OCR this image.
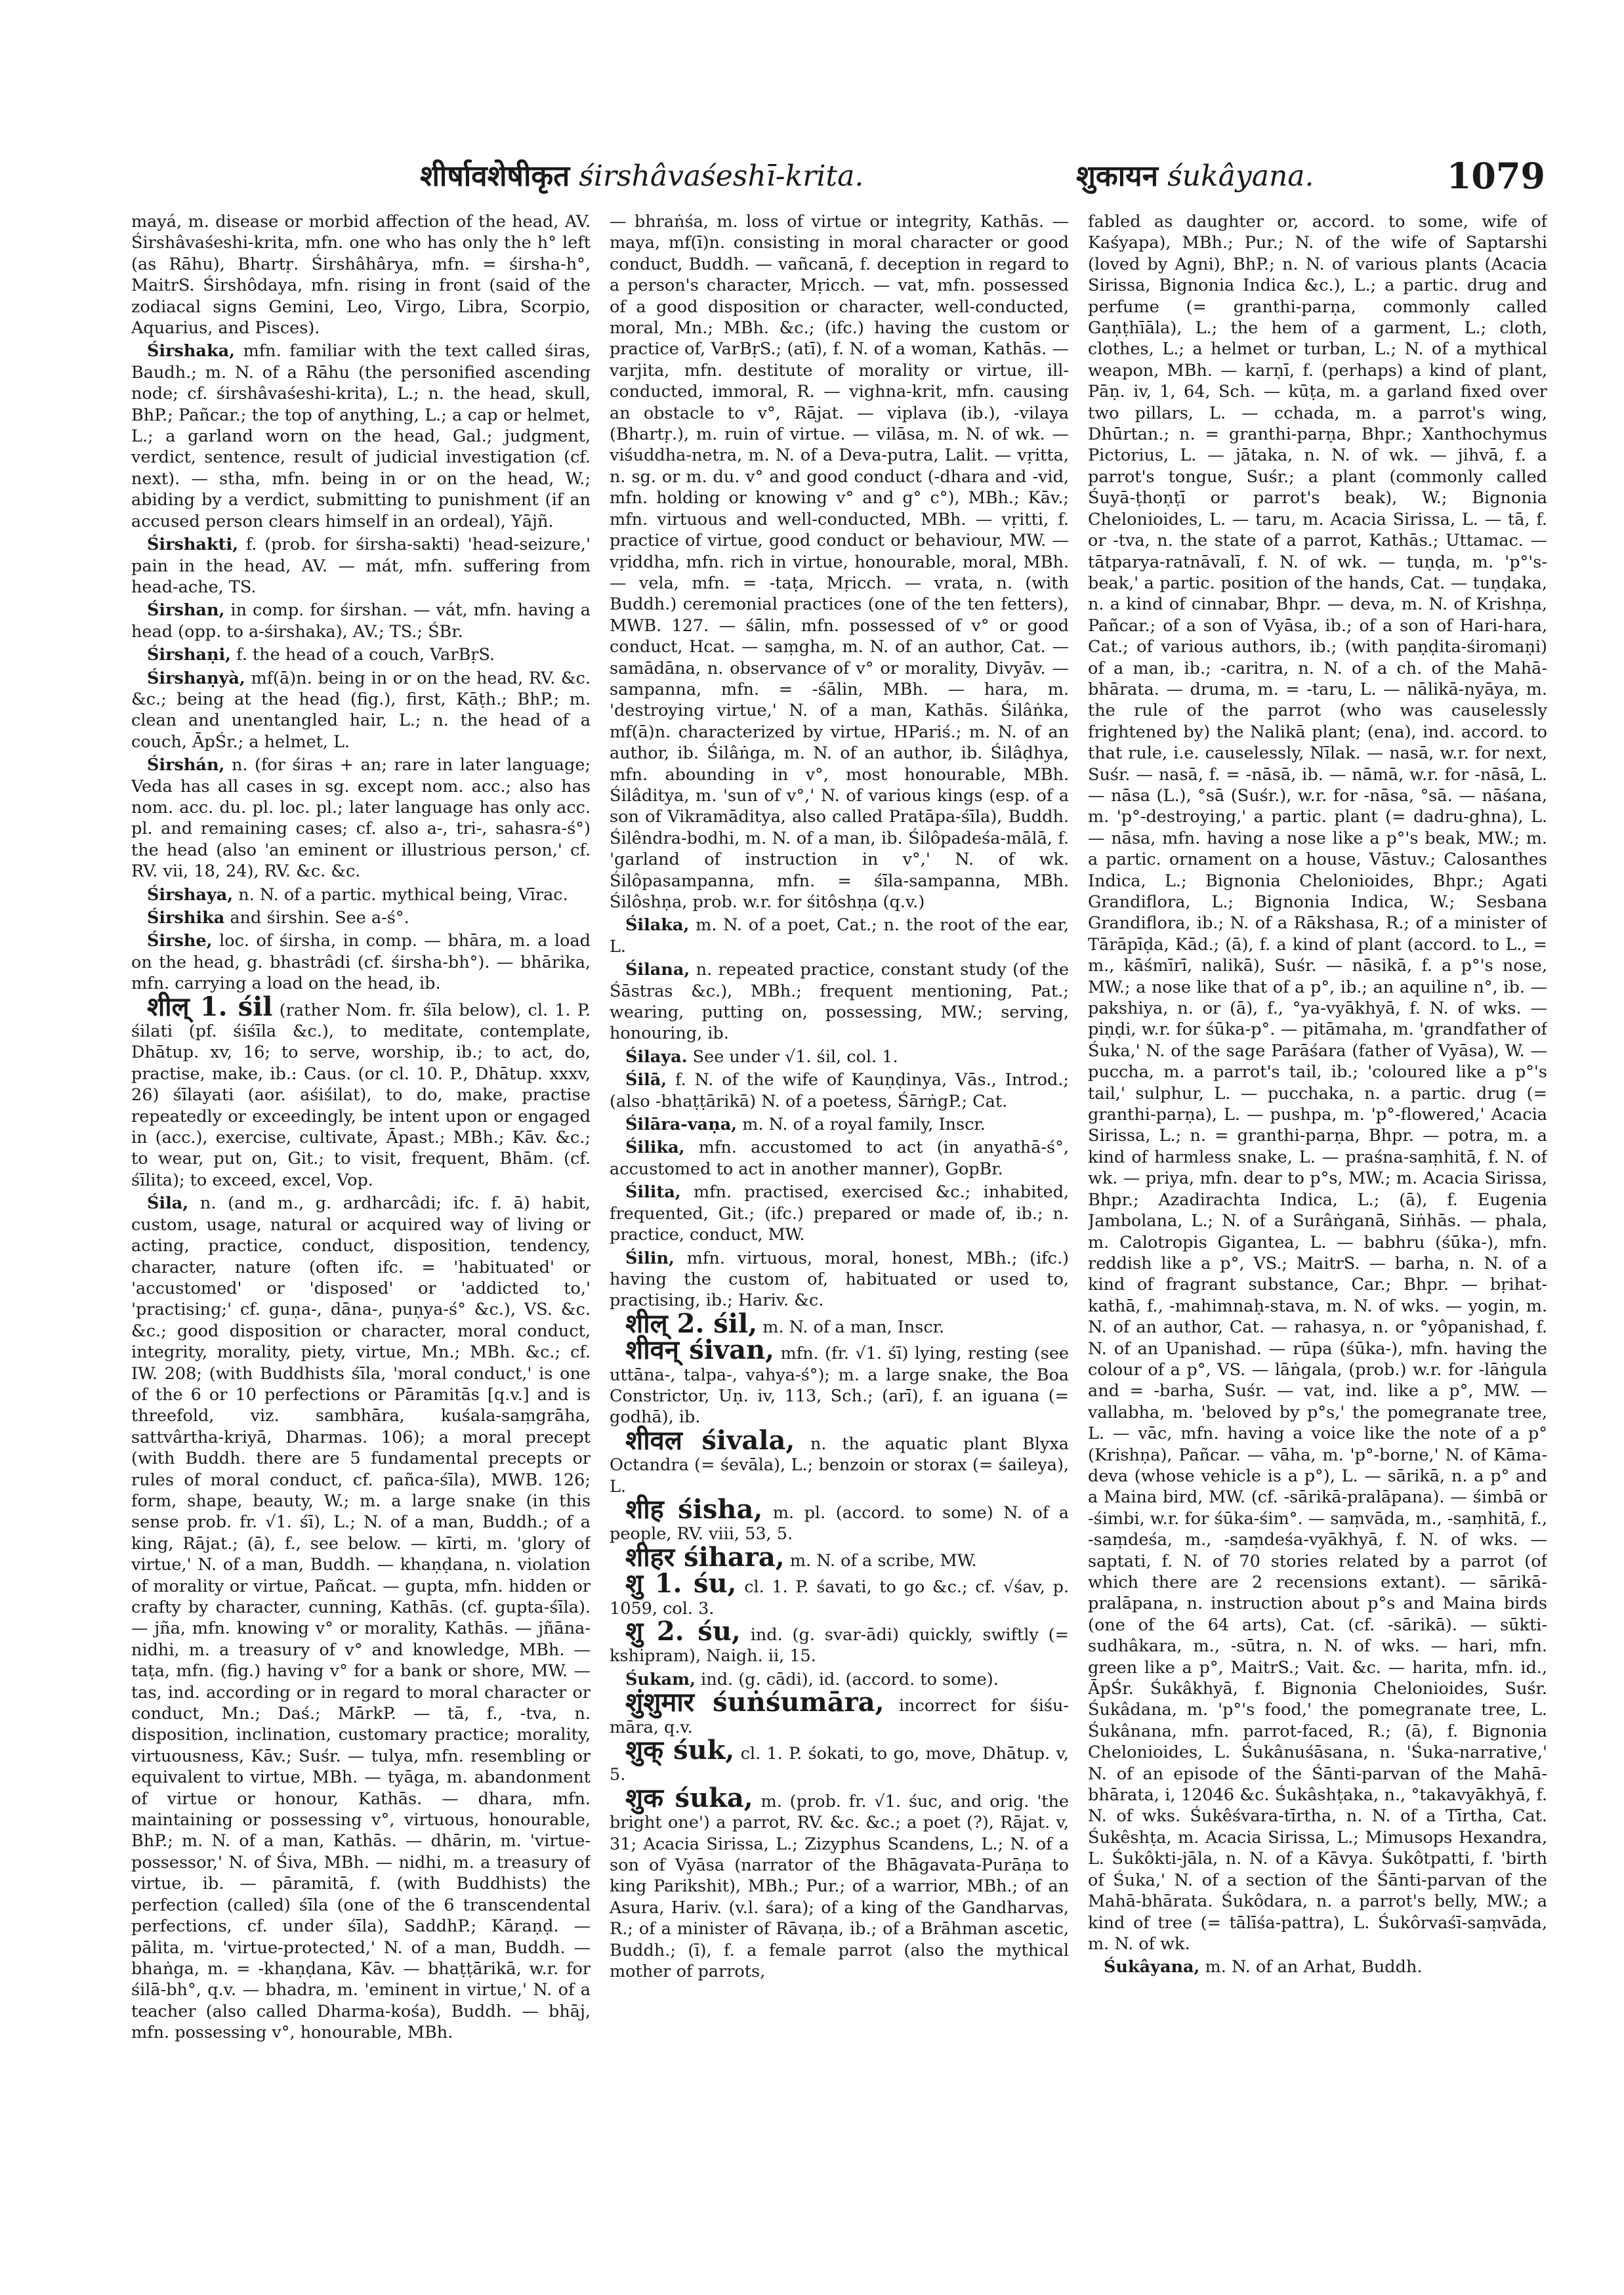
शीर्षावशेषीकृत śirshâvaśeshī-krita.	शुकायन śukâyana.	1079

mayá, m. disease or morbid affection of the head, AV. Śirshâvaśeshi-krita, mfn. one who has only the h° left (as Rāhu), Bhartṛ. Śirshâhârya, mfn. = śirsha-h°, MaitrS. Śirshôdaya, mfn. rising in front (said of the zodiacal signs Gemini, Leo, Virgo, Libra, Scorpio, Aquarius, and Pisces).

Śirshaka, mfn. familiar with the text called śiras, Baudh.; m. N. of a Rāhu (the personified ascending node; cf. śirshâvaśeshi-krita), L.; n. the head, skull, BhP.; Pañcar.; the top of anything, L.; a cap or helmet, L.; a garland worn on the head, Gal.; judgment, verdict, sentence, result of judicial investigation (cf. next). — stha, mfn. being in or on the head, W.; abiding by a verdict, submitting to punishment (if an accused person clears himself in an ordeal), Yājñ.

Śirshakti, f. (prob. for śirsha-sakti) 'head-seizure,' pain in the head, AV. — mát, mfn. suffering from head-ache, TS.

Śirshan, in comp. for śirshan. — vát, mfn. having a head (opp. to a-śirshaka), AV.; TS.; ŚBr.

Śirshaṇi, f. the head of a couch, VarBṛS.

Śirshaṇyà, mf(ā)n. being in or on the head, RV. &c. &c.; being at the head (fig.), first, Kāṭh.; BhP.; m. clean and unentangled hair, L.; n. the head of a couch, ĀpŚr.; a helmet, L.

Śirshán, n. (for śiras + an; rare in later language; Veda has all cases in sg. except nom. acc.; also has nom. acc. du. pl. loc. pl.; later language has only acc. pl. and remaining cases; cf. also a-, tri-, sahasra-ś°) the head (also 'an eminent or illustrious person,' cf. RV. vii, 18, 24), RV. &c. &c.

Śirshaya, n. N. of a partic. mythical being, Vīrac.

Śirshika and śirshin. See a-ś°.

Śirshe, loc. of śirsha, in comp. — bhāra, m. a load on the head, g. bhastrâdi (cf. śirsha-bh°). — bhārika, mfn. carrying a load on the head, ib.

शील् 1. śil (rather Nom. fr. śīla below), cl. 1. P. śilati (pf. śiśīla &c.), to meditate, contemplate, Dhātup. xv, 16; to serve, worship, ib.; to act, do, practise, make, ib.: Caus. (or cl. 10. P., Dhātup. xxxv, 26) śīlayati (aor. aśiśilat), to do, make, practise repeatedly or exceedingly, be intent upon or engaged in (acc.), exercise, cultivate, Āpast.; MBh.; Kāv. &c.; to wear, put on, Git.; to visit, frequent, Bhām. (cf. śīlita); to exceed, excel, Vop.

Śila, n. (and m., g. ardharcâdi; ifc. f. ā) habit, custom, usage, natural or acquired way of living or acting, practice, conduct, disposition, tendency, character, nature (often ifc. = 'habituated' or 'accustomed' or 'disposed' or 'addicted to,' 'practising;' cf. guṇa-, dāna-, puṇya-ś° &c.), VS. &c. &c.; good disposition or character, moral conduct, integrity, morality, piety, virtue, Mn.; MBh. &c.; cf. IW. 208; (with Buddhists śīla, 'moral conduct,' is one of the 6 or 10 perfections or Pāramitās [q.v.] and is threefold, viz. sambhāra, kuśala-saṃgrāha, sattvârtha-kriyā, Dharmas. 106); a moral precept (with Buddh. there are 5 fundamental precepts or rules of moral conduct, cf. pañca-śīla), MWB. 126; form, shape, beauty, W.; m. a large snake (in this sense prob. fr. √1. śī), L.; N. of a man, Buddh.; of a king, Rājat.; (ā), f., see below. — kīrti, m. 'glory of virtue,' N. of a man, Buddh. — khaṇḍana, n. violation of morality or virtue, Pañcat. — gupta, mfn. hidden or crafty by character, cunning, Kathās. (cf. gupta-śīla). — jña, mfn. knowing v° or morality, Kathās. — jñāna-nidhi, m. a treasury of v° and knowledge, MBh. — taṭa, mfn. (fig.) having v° for a bank or shore, MW. — tas, ind. according or in regard to moral character or conduct, Mn.; Daś.; MārkP. — tā, f., -tva, n. disposition, inclination, customary practice; morality, virtuousness, Kāv.; Suśr. — tulya, mfn. resembling or equivalent to virtue, MBh. — tyāga, m. abandonment of virtue or honour, Kathās. — dhara, mfn. maintaining or possessing v°, virtuous, honourable, BhP.; m. N. of a man, Kathās. — dhārin, m. 'virtue-possessor,' N. of Śiva, MBh. — nidhi, m. a treasury of virtue, ib. — pāramitā, f. (with Buddhists) the perfection (called) śīla (one of the 6 transcendental perfections, cf. under śīla), SaddhP.; Kāraṇḍ. — pālita, m. 'virtue-protected,' N. of a man, Buddh. — bhaṅga, m. = -khaṇḍana, Kāv. — bhaṭṭārikā, w.r. for śilā-bh°, q.v. — bhadra, m. 'eminent in virtue,' N. of a teacher (also called Dharma-kośa), Buddh. — bhāj, mfn. possessing v°, honourable, MBh.

— bhraṅśa, m. loss of virtue or integrity, Kathās. — maya, mf(ī)n. consisting in moral character or good conduct, Buddh. — vañcanā, f. deception in regard to a person's character, Mṛicch. — vat, mfn. possessed of a good disposition or character, well-conducted, moral, Mn.; MBh. &c.; (ifc.) having the custom or practice of, VarBṛS.; (atī), f. N. of a woman, Kathās. — varjita, mfn. destitute of morality or virtue, ill-conducted, immoral, R. — vighna-krit, mfn. causing an obstacle to v°, Rājat. — viplava (ib.), -vilaya (Bhartṛ.), m. ruin of virtue. — vilāsa, m. N. of wk. — viśuddha-netra, m. N. of a Deva-putra, Lalit. — vṛitta, n. sg. or m. du. v° and good conduct (-dhara and -vid, mfn. holding or knowing v° and g° c°), MBh.; Kāv.; mfn. virtuous and well-conducted, MBh. — vṛitti, f. practice of virtue, good conduct or behaviour, MW. — vṛiddha, mfn. rich in virtue, honourable, moral, MBh. — vela, mfn. = -taṭa, Mṛicch. — vrata, n. (with Buddh.) ceremonial practices (one of the ten fetters), MWB. 127. — śālin, mfn. possessed of v° or good conduct, Hcat. — saṃgha, m. N. of an author, Cat. — samādāna, n. observance of v° or morality, Divyāv. — sampanna, mfn. = -śālin, MBh. — hara, m. 'destroying virtue,' N. of a man, Kathās. Śilâṅka, mf(ā)n. characterized by virtue, HPariś.; m. N. of an author, ib. Śilâṅga, m. N. of an author, ib. Śilâḍhya, mfn. abounding in v°, most honourable, MBh. Śilâditya, m. 'sun of v°,' N. of various kings (esp. of a son of Vikramāditya, also called Pratāpa-śīla), Buddh. Śilêndra-bodhi, m. N. of a man, ib. Śilôpadeśa-mālā, f. 'garland of instruction in v°,' N. of wk. Śilôpasampanna, mfn. = śīla-sampanna, MBh. Śilôshṇa, prob. w.r. for śitôshṇa (q.v.)

Śilaka, m. N. of a poet, Cat.; n. the root of the ear, L.

Śilana, n. repeated practice, constant study (of the Śāstras &c.), MBh.; frequent mentioning, Pat.; wearing, putting on, possessing, MW.; serving, honouring, ib.

Śilaya. See under √1. śil, col. 1.

Śilā, f. N. of the wife of Kauṇḍinya, Vās., Introd.; (also -bhaṭṭārikā) N. of a poetess, ŚārṅgP.; Cat.

Śilāra-vaṇa, m. N. of a royal family, Inscr.

Śilika, mfn. accustomed to act (in anyathā-ś°, accustomed to act in another manner), GopBr.

Śilita, mfn. practised, exercised &c.; inhabited, frequented, Git.; (ifc.) prepared or made of, ib.; n. practice, conduct, MW.

Śilin, mfn. virtuous, moral, honest, MBh.; (ifc.) having the custom of, habituated or used to, practising, ib.; Hariv. &c.

शील् 2. śil, m. N. of a man, Inscr.

शीवन् śivan, mfn. (fr. √1. śī) lying, resting (see uttāna-, talpa-, vahya-ś°); m. a large snake, the Boa Constrictor, Uṇ. iv, 113, Sch.; (arī), f. an iguana (= godhā), ib.

शीवल śivala, n. the aquatic plant Blyxa Octandra (= śevāla), L.; benzoin or storax (= śaileya), L.

शीह śisha, m. pl. (accord. to some) N. of a people, RV. viii, 53, 5.

शीहर śihara, m. N. of a scribe, MW.

शु 1. śu, cl. 1. P. śavati, to go &c.; cf. √śav, p. 1059, col. 3.

शु 2. śu, ind. (g. svar-ādi) quickly, swiftly (= kshipram), Naigh. ii, 15.

Śukam, ind. (g. cādi), id. (accord. to some).

शुंशुमार śuṅśumāra, incorrect for śiśu-māra, q.v.

शुक् śuk, cl. 1. P. śokati, to go, move, Dhātup. v, 5.

शुक śuka, m. (prob. fr. √1. śuc, and orig. 'the bright one') a parrot, RV. &c. &c.; a poet (?), Rājat. v, 31; Acacia Sirissa, L.; Zizyphus Scandens, L.; N. of a son of Vyāsa (narrator of the Bhāgavata-Purāṇa to king Parikshit), MBh.; Pur.; of a warrior, MBh.; of an Asura, Hariv. (v.l. śara); of a king of the Gandharvas, R.; of a minister of Rāvaṇa, ib.; of a Brāhman ascetic, Buddh.; (ī), f. a female parrot (also the mythical mother of parrots,

fabled as daughter or, accord. to some, wife of Kaśyapa), MBh.; Pur.; N. of the wife of Saptarshi (loved by Agni), BhP.; n. N. of various plants (Acacia Sirissa, Bignonia Indica &c.), L.; a partic. drug and perfume (= granthi-parṇa, commonly called Gaṇṭhīāla), L.; the hem of a garment, L.; cloth, clothes, L.; a helmet or turban, L.; N. of a mythical weapon, MBh. — karṇī, f. (perhaps) a kind of plant, Pāṇ. iv, 1, 64, Sch. — kūṭa, m. a garland fixed over two pillars, L. — cchada, m. a parrot's wing, Dhūrtan.; n. = granthi-parṇa, Bhpr.; Xanthochymus Pictorius, L. — jātaka, n. N. of wk. — jihvā, f. a parrot's tongue, Suśr.; a plant (commonly called Śuyā-ṭhoṇṭī or parrot's beak), W.; Bignonia Chelonioides, L. — taru, m. Acacia Sirissa, L. — tā, f. or -tva, n. the state of a parrot, Kathās.; Uttamac. — tātparya-ratnāvalī, f. N. of wk. — tuṇḍa, m. 'p°'s-beak,' a partic. position of the hands, Cat. — tuṇḍaka, n. a kind of cinnabar, Bhpr. — deva, m. N. of Krishṇa, Pañcar.; of a son of Vyāsa, ib.; of a son of Hari-hara, Cat.; of various authors, ib.; (with paṇḍita-śiromaṇi) of a man, ib.; -caritra, n. N. of a ch. of the Mahā-bhārata. — druma, m. = -taru, L. — nālikā-nyāya, m. the rule of the parrot (who was causelessly frightened by) the Nalikā plant; (ena), ind. accord. to that rule, i.e. causelessly, Nīlak. — nasā, w.r. for next, Suśr. — nasā, f. = -nāsā, ib. — nāmā, w.r. for -nāsā, L. — nāsa (L.), °sā (Suśr.), w.r. for -nāsa, °sā. — nāśana, m. 'p°-destroying,' a partic. plant (= dadru-ghna), L. — nāsa, mfn. having a nose like a p°'s beak, MW.; m. a partic. ornament on a house, Vāstuv.; Calosanthes Indica, L.; Bignonia Chelonioides, Bhpr.; Agati Grandiflora, L.; Bignonia Indica, W.; Sesbana Grandiflora, ib.; N. of a Rākshasa, R.; of a minister of Tārāpīḍa, Kād.; (ā), f. a kind of plant (accord. to L., = m., kāśmīrī, nalikā), Suśr. — nāsikā, f. a p°'s nose, MW.; a nose like that of a p°, ib.; an aquiline n°, ib. — pakshiya, n. or (ā), f., °ya-vyākhyā, f. N. of wks. — piṇḍi, w.r. for śūka-p°. — pitāmaha, m. 'grandfather of Śuka,' N. of the sage Parāśara (father of Vyāsa), W. — puccha, m. a parrot's tail, ib.; 'coloured like a p°'s tail,' sulphur, L. — pucchaka, n. a partic. drug (= granthi-parṇa), L. — pushpa, m. 'p°-flowered,' Acacia Sirissa, L.; n. = granthi-parṇa, Bhpr. — potra, m. a kind of harmless snake, L. — praśna-saṃhitā, f. N. of wk. — priya, mfn. dear to p°s, MW.; m. Acacia Sirissa, Bhpr.; Azadirachta Indica, L.; (ā), f. Eugenia Jambolana, L.; N. of a Surâṅganā, Siṅhās. — phala, m. Calotropis Gigantea, L. — babhru (śūka-), mfn. reddish like a p°, VS.; MaitrS. — barha, n. N. of a kind of fragrant substance, Car.; Bhpr. — bṛihat-kathā, f., -mahimnaḥ-stava, m. N. of wks. — yogin, m. N. of an author, Cat. — rahasya, n. or °yôpanishad, f. N. of an Upanishad. — rūpa (śūka-), mfn. having the colour of a p°, VS. — lāṅgala, (prob.) w.r. for -lāṅgula and = -barha, Suśr. — vat, ind. like a p°, MW. — vallabha, m. 'beloved by p°s,' the pomegranate tree, L. — vāc, mfn. having a voice like the note of a p° (Krishṇa), Pañcar. — vāha, m. 'p°-borne,' N. of Kāma-deva (whose vehicle is a p°), L. — sārikā, n. a p° and a Maina bird, MW. (cf. -sārikā-pralāpana). — śimbā or -śimbi, w.r. for śūka-śim°. — saṃvāda, m., -saṃhitā, f., -saṃdeśa, m., -saṃdeśa-vyākhyā, f. N. of wks. — saptati, f. N. of 70 stories related by a parrot (of which there are 2 recensions extant). — sārikā-pralāpana, n. instruction about p°s and Maina birds (one of the 64 arts), Cat. (cf. -sārikā). — sūkti-sudhâkara, m., -sūtra, n. N. of wks. — hari, mfn. green like a p°, MaitrS.; Vait. &c. — harita, mfn. id., ĀpŚr. Śukâkhyā, f. Bignonia Chelonioides, Suśr. Śukâdana, m. 'p°'s food,' the pomegranate tree, L. Śukânana, mfn. parrot-faced, R.; (ā), f. Bignonia Chelonioides, L. Śukânuśāsana, n. 'Śuka-narrative,' N. of an episode of the Śānti-parvan of the Mahā-bhārata, i, 12046 &c. Śukâshṭaka, n., °takavyākhyā, f. N. of wks. Śukêśvara-tīrtha, n. N. of a Tīrtha, Cat. Śukêshṭa, m. Acacia Sirissa, L.; Mimusops Hexandra, L. Śukôkti-jāla, n. N. of a Kāvya. Śukôtpatti, f. 'birth of Śuka,' N. of a section of the Śānti-parvan of the Mahā-bhārata. Śukôdara, n. a parrot's belly, MW.; a kind of tree (= tālīśa-pattra), L. Śukôrvaśī-saṃvāda, m. N. of wk.

Śukâyana, m. N. of an Arhat, Buddh.
